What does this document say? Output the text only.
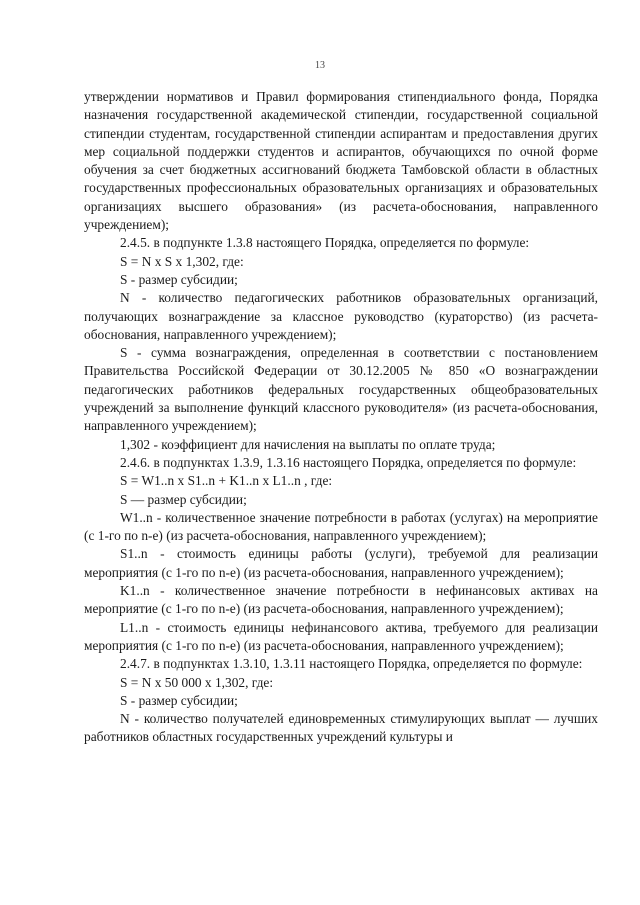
13

утверждении нормативов и Правил формирования стипендиального фонда, Порядка назначения государственной академической стипендии, государственной социальной стипендии студентам, государственной стипендии аспирантам и предоставления других мер социальной поддержки студентов и аспирантов, обучающихся по очной форме обучения за счет бюджетных ассигнований бюджета Тамбовской области в областных государственных профессиональных образовательных организациях и образовательных организациях высшего образования» (из расчета-обоснования, направленного учреждением);

2.4.5. в подпункте 1.3.8 настоящего Порядка, определяется по формуле:

S = N x S x 1,302, где:

S - размер субсидии;

N - количество педагогических работников образовательных организаций, получающих вознаграждение за классное руководство (кураторство) (из расчета-обоснования, направленного учреждением);

S - сумма вознаграждения, определенная в соответствии с постановлением Правительства Российской Федерации от 30.12.2005 № 850 «О вознаграждении педагогических работников федеральных государственных общеобразовательных учреждений за выполнение функций классного руководителя» (из расчета-обоснования, направленного учреждением);

1,302 - коэффициент для начисления на выплаты по оплате труда;

2.4.6. в подпунктах 1.3.9, 1.3.16 настоящего Порядка, определяется по формуле:

S = W1..n x S1..n + K1..n x L1..n , где:

S — размер субсидии;

W1..n - количественное значение потребности в работах (услугах) на мероприятие (с 1-го по n-е) (из расчета-обоснования, направленного учреждением);

S1..n - стоимость единицы работы (услуги), требуемой для реализации мероприятия (с 1-го по n-е) (из расчета-обоснования, направленного учреждением);

K1..n - количественное значение потребности в нефинансовых активах на мероприятие (с 1-го по n-е) (из расчета-обоснования, направленного учреждением);

L1..n - стоимость единицы нефинансового актива, требуемого для реализации мероприятия (с 1-го по n-е) (из расчета-обоснования, направленного учреждением);

2.4.7. в подпунктах 1.3.10, 1.3.11 настоящего Порядка, определяется по формуле:

S = N x 50 000 x 1,302, где:

S - размер субсидии;

N - количество получателей единовременных стимулирующих выплат — лучших работников областных государственных учреждений культуры и
